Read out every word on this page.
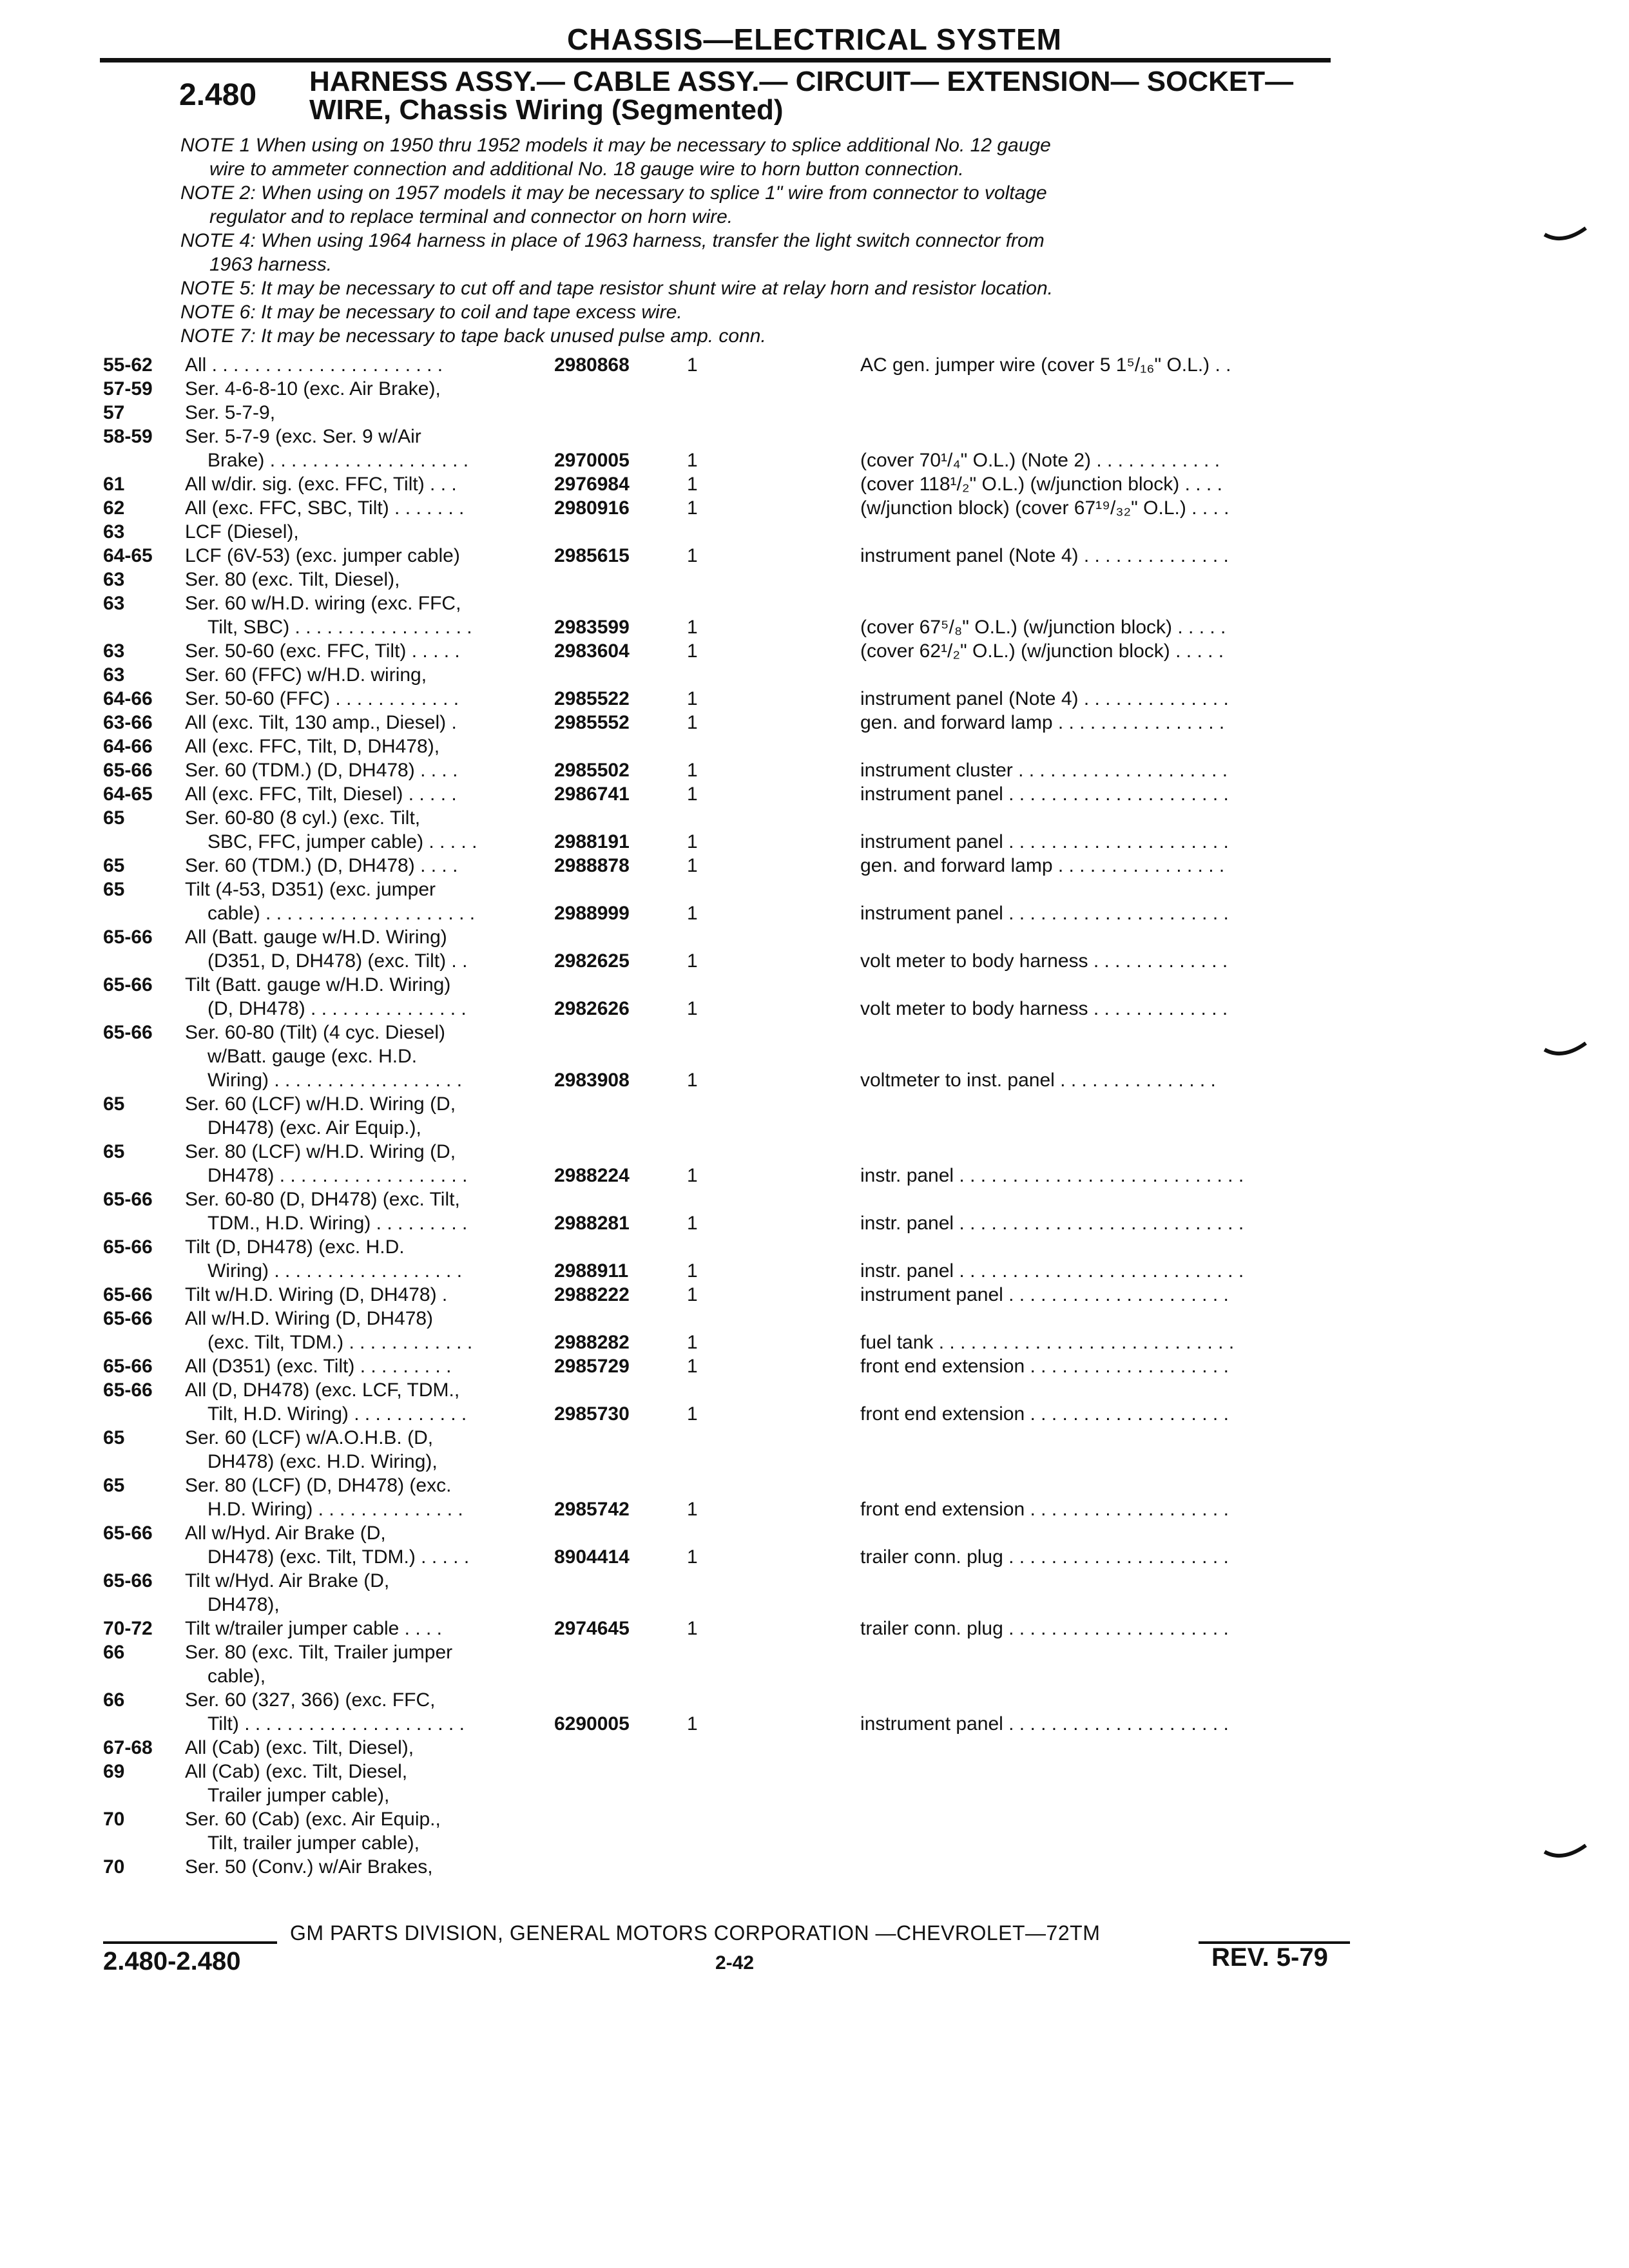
CHASSIS—ELECTRICAL SYSTEM
2.480 HARNESS ASSY.— CABLE ASSY.— CIRCUIT— EXTENSION— SOCKET—
WIRE, Chassis Wiring (Segmented)
NOTE 1 When using on 1950 thru 1952 models it may be necessary to splice additional No. 12 gauge
wire to ammeter connection and additional No. 18 gauge wire to horn button connection.
NOTE 2: When using on 1957 models it may be necessary to splice 1" wire from connector to voltage
regulator and to replace terminal and connector on horn wire.
NOTE 4: When using 1964 harness in place of 1963 harness, transfer the light switch connector from
1963 harness.
NOTE 5: It may be necessary to cut off and tape resistor shunt wire at relay horn and resistor location.
NOTE 6: It may be necessary to coil and tape excess wire.
NOTE 7: It may be necessary to tape back unused pulse amp. conn.
55-62	All . . . . . . . . . . . . . . . . . . . . . .	2980868	1	AC gen. jumper wire (cover 5 1⁵/₁₆" O.L.) . .
57-59	Ser. 4-6-8-10 (exc. Air Brake),
57	Ser. 5-7-9,
58-59	Ser. 5-7-9 (exc. Ser. 9 w/Air
Brake) . . . . . . . . . . . . . . . . . . .	2970005	1	(cover 70¹/₄" O.L.) (Note 2) . . . . . . . . . . . .
61	All w/dir. sig. (exc. FFC, Tilt) . . .	2976984	1	(cover 118¹/₂" O.L.) (w/junction block) . . . .
62	All (exc. FFC, SBC, Tilt) . . . . . . .	2980916	1	(w/junction block) (cover 67¹⁹/₃₂" O.L.) . . . .
63	LCF (Diesel),
64-65	LCF (6V-53) (exc. jumper cable)	2985615	1	instrument panel (Note 4) . . . . . . . . . . . . . .
63	Ser. 80 (exc. Tilt, Diesel),
63	Ser. 60 w/H.D. wiring (exc. FFC,
Tilt, SBC) . . . . . . . . . . . . . . . . .	2983599	1	(cover 67⁵/₈" O.L.) (w/junction block) . . . . .
63	Ser. 50-60 (exc. FFC, Tilt) . . . . .	2983604	1	(cover 62¹/₂" O.L.) (w/junction block) . . . . .
63	Ser. 60 (FFC) w/H.D. wiring,
64-66	Ser. 50-60 (FFC) . . . . . . . . . . . .	2985522	1	instrument panel (Note 4) . . . . . . . . . . . . . .
63-66	All (exc. Tilt, 130 amp., Diesel) .	2985552	1	gen. and forward lamp . . . . . . . . . . . . . . . .
64-66	All (exc. FFC, Tilt, D, DH478),
65-66	Ser. 60 (TDM.) (D, DH478) . . . .	2985502	1	instrument cluster . . . . . . . . . . . . . . . . . . . .
64-65	All (exc. FFC, Tilt, Diesel) . . . . .	2986741	1	instrument panel . . . . . . . . . . . . . . . . . . . . .
65	Ser. 60-80 (8 cyl.) (exc. Tilt,
SBC, FFC, jumper cable) . . . . .	2988191	1	instrument panel . . . . . . . . . . . . . . . . . . . . .
65	Ser. 60 (TDM.) (D, DH478) . . . .	2988878	1	gen. and forward lamp . . . . . . . . . . . . . . . .
65	Tilt (4-53, D351) (exc. jumper
cable) . . . . . . . . . . . . . . . . . . . .	2988999	1	instrument panel . . . . . . . . . . . . . . . . . . . . .
65-66	All (Batt. gauge w/H.D. Wiring)
(D351, D, DH478) (exc. Tilt) . .	2982625	1	volt meter to body harness . . . . . . . . . . . . .
65-66	Tilt (Batt. gauge w/H.D. Wiring)
(D, DH478) . . . . . . . . . . . . . . .	2982626	1	volt meter to body harness . . . . . . . . . . . . .
65-66	Ser. 60-80 (Tilt) (4 cyc. Diesel)
w/Batt. gauge (exc. H.D.
Wiring) . . . . . . . . . . . . . . . . . .	2983908	1	voltmeter to inst. panel . . . . . . . . . . . . . . .
65	Ser. 60 (LCF) w/H.D. Wiring (D,
DH478) (exc. Air Equip.),
65	Ser. 80 (LCF) w/H.D. Wiring (D,
DH478) . . . . . . . . . . . . . . . . . .	2988224	1	instr. panel . . . . . . . . . . . . . . . . . . . . . . . . . . .
65-66	Ser. 60-80 (D, DH478) (exc. Tilt,
TDM., H.D. Wiring) . . . . . . . . .	2988281	1	instr. panel . . . . . . . . . . . . . . . . . . . . . . . . . . .
65-66	Tilt (D, DH478) (exc. H.D.
Wiring) . . . . . . . . . . . . . . . . . .	2988911	1	instr. panel . . . . . . . . . . . . . . . . . . . . . . . . . . .
65-66	Tilt w/H.D. Wiring (D, DH478) .	2988222	1	instrument panel . . . . . . . . . . . . . . . . . . . . .
65-66	All w/H.D. Wiring (D, DH478)
(exc. Tilt, TDM.) . . . . . . . . . . . .	2988282	1	fuel tank . . . . . . . . . . . . . . . . . . . . . . . . . . . .
65-66	All (D351) (exc. Tilt) . . . . . . . . .	2985729	1	front end extension . . . . . . . . . . . . . . . . . . .
65-66	All (D, DH478) (exc. LCF, TDM.,
Tilt, H.D. Wiring) . . . . . . . . . . .	2985730	1	front end extension . . . . . . . . . . . . . . . . . . .
65	Ser. 60 (LCF) w/A.O.H.B. (D,
DH478) (exc. H.D. Wiring),
65	Ser. 80 (LCF) (D, DH478) (exc.
H.D. Wiring) . . . . . . . . . . . . . .	2985742	1	front end extension . . . . . . . . . . . . . . . . . . .
65-66	All w/Hyd. Air Brake (D,
DH478) (exc. Tilt, TDM.) . . . . .	8904414	1	trailer conn. plug . . . . . . . . . . . . . . . . . . . . .
65-66	Tilt w/Hyd. Air Brake (D,
DH478),
70-72	Tilt w/trailer jumper cable . . . .	2974645	1	trailer conn. plug . . . . . . . . . . . . . . . . . . . . .
66	Ser. 80 (exc. Tilt, Trailer jumper
cable),
66	Ser. 60 (327, 366) (exc. FFC,
Tilt) . . . . . . . . . . . . . . . . . . . . .	6290005	1	instrument panel . . . . . . . . . . . . . . . . . . . . .
67-68	All (Cab) (exc. Tilt, Diesel),
69	All (Cab) (exc. Tilt, Diesel,
Trailer jumper cable),
70	Ser. 60 (Cab) (exc. Air Equip.,
Tilt, trailer jumper cable),
70	Ser. 50 (Conv.) w/Air Brakes,
GM PARTS DIVISION, GENERAL MOTORS CORPORATION —CHEVROLET—72TM
2.480-2.480	2-42	REV. 5-79
